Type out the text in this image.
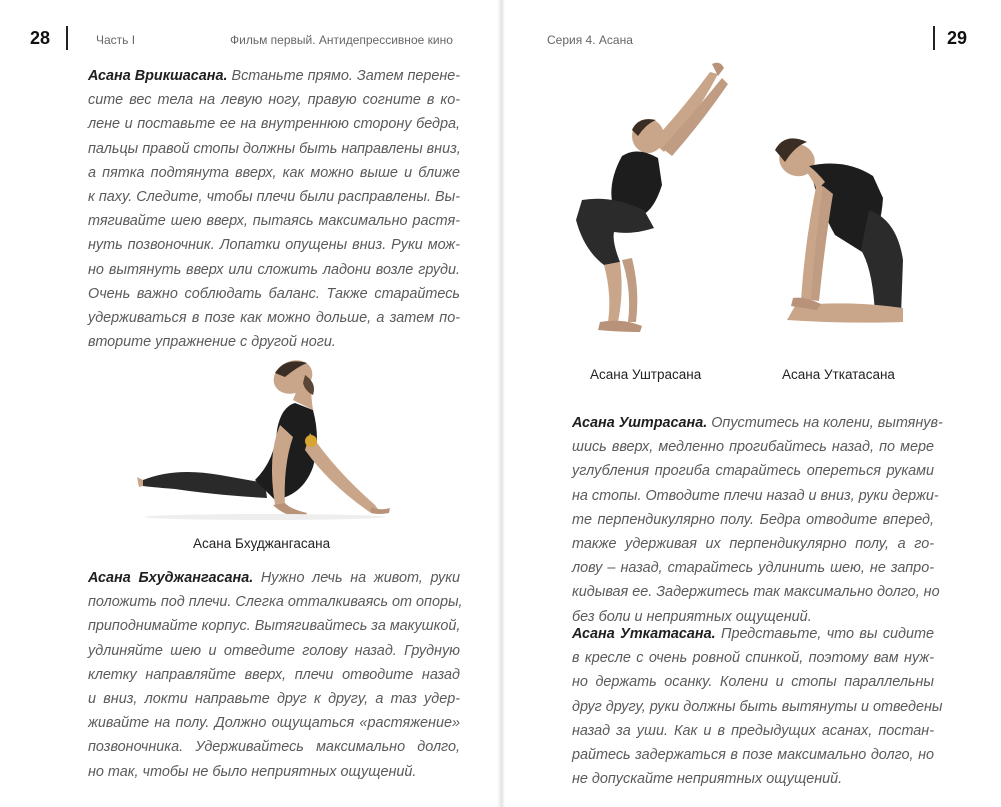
28	Часть I	Фильм первый. Антидепрессивное кино
Асана Врикшасана. Встаньте прямо. Затем перене-
сите вес тела на левую ногу, правую согните в ко-
лене и поставьте ее на внутреннюю сторону бедра,
пальцы правой стопы должны быть направлены вниз,
а пятка подтянута вверх, как можно выше и ближе
к паху. Следите, чтобы плечи были расправлены. Вы-
тягивайте шею вверх, пытаясь максимально растя-
нуть позвоночник. Лопатки опущены вниз. Руки мож-
но вытянуть вверх или сложить ладони возле груди.
Очень важно соблюдать баланс. Также старайтесь
удерживаться в позе как можно дольше, а затем по-
вторите упражнение с другой ноги.
Асана Бхуджангасана
Асана Бхуджангасана. Нужно лечь на живот, руки
положить под плечи. Слегка отталкиваясь от опоры,
приподнимайте корпус. Вытягивайтесь за макушкой,
удлиняйте шею и отведите голову назад. Грудную
клетку направляйте вверх, плечи отводите назад
и вниз, локти направьте друг к другу, а таз удер-
живайте на полу. Должно ощущаться «растяжение»
позвоночника. Удерживайтесь максимально долго,
но так, чтобы не было неприятных ощущений.
Серия 4. Асана	29
Асана Уштрасана	Асана Уткатасана
Асана Уштрасана. Опуститесь на колени, вытянув-
шись вверх, медленно прогибайтесь назад, по мере
углубления прогиба старайтесь опереться руками
на стопы. Отводите плечи назад и вниз, руки держи-
те перпендикулярно полу. Бедра отводите вперед,
также удерживая их перпендикулярно полу, а го-
лову – назад, старайтесь удлинить шею, не запро-
кидывая ее. Задержитесь так максимально долго, но
без боли и неприятных ощущений.
Асана Уткатасана. Представьте, что вы сидите
в кресле с очень ровной спинкой, поэтому вам нуж-
но держать осанку. Колени и стопы параллельны
друг другу, руки должны быть вытянуты и отведены
назад за уши. Как и в предыдущих асанах, постан-
райтесь задержаться в позе максимально долго, но
не допускайте неприятных ощущений.
